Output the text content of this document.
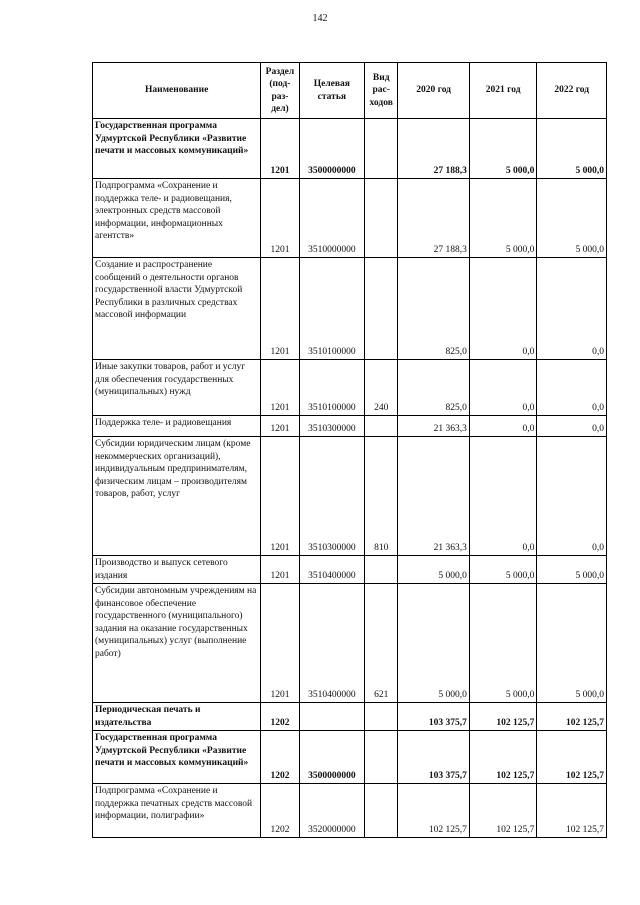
142
Наименование	Раздел (под-раз-дел)	Целевая статья	Вид рас-ходов	2020 год	2021 год	2022 год
Государственная программа Удмуртской Республики «Развитие печати и массовых коммуникаций»	1201	3500000000		27 188,3	5 000,0	5 000,0
Подпрограмма «Сохранение и поддержка теле- и радиовещания, электронных средств массовой информации, информационных агентств»	1201	3510000000		27 188,3	5 000,0	5 000,0
Создание и распространение сообщений о деятельности органов государственной власти Удмуртской Республики в различных средствах массовой информации	1201	3510100000		825,0	0,0	0,0
Иные закупки товаров, работ и услуг для обеспечения государственных (муниципальных) нужд	1201	3510100000	240	825,0	0,0	0,0
Поддержка теле- и радиовещания	1201	3510300000		21 363,3	0,0	0,0
Субсидии юридическим лицам (кроме некоммерческих организаций), индивидуальным предпринимателям, физическим лицам – производителям товаров, работ, услуг	1201	3510300000	810	21 363,3	0,0	0,0
Производство и выпуск сетевого издания	1201	3510400000		5 000,0	5 000,0	5 000,0
Субсидии автономным учреждениям на финансовое обеспечение государственного (муниципального) задания на оказание государственных (муниципальных) услуг (выполнение работ)	1201	3510400000	621	5 000,0	5 000,0	5 000,0
Периодическая печать и издательства	1202			103 375,7	102 125,7	102 125,7
Государственная программа Удмуртской Республики «Развитие печати и массовых коммуникаций»	1202	3500000000		103 375,7	102 125,7	102 125,7
Подпрограмма «Сохранение и поддержка печатных средств массовой информации, полиграфии»	1202	3520000000		102 125,7	102 125,7	102 125,7
